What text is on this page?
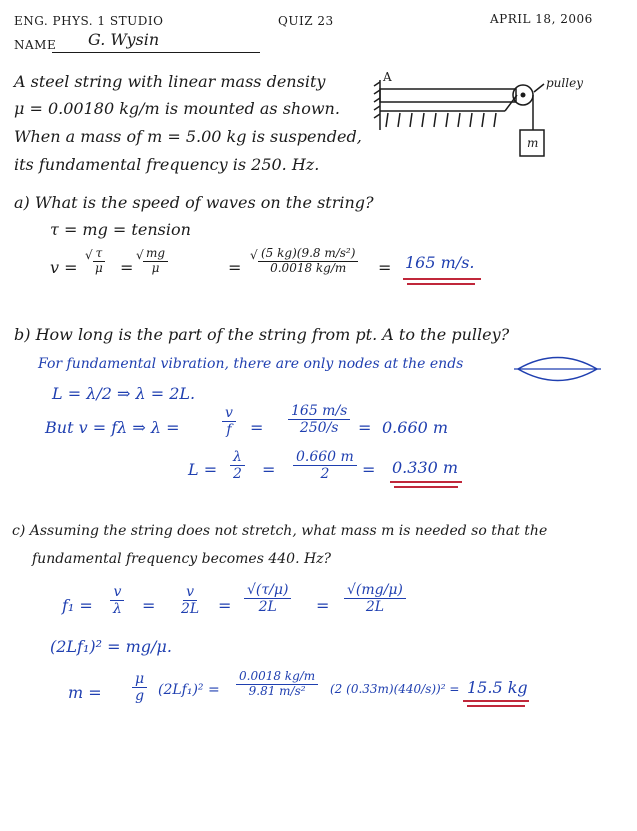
ENG. PHYS. 1 STUDIO	QUIZ 23	APRIL 18, 2006
NAME G. Wysin
A steel string with linear mass density
μ = 0.00180 kg/m is mounted as shown.
When a mass of m = 5.00 kg is suspended,
its fundamental frequency is 250. Hz.
A	pulley
m
a) What is the speed of waves on the string?
τ = mg = tension
v =
√ $\frac{\tau}{\mu}$ =
√ $\frac{mg}{\mu}$	=
√ $\frac{\text{(5 kg)(9.8 m/s²)}}{0.0018 kg/m} = 165$ m/s.
b) How long is the part of the string from pt. A to the pulley?
For fundamental vibration, there are only nodes at the ends
L = λ/2 ⇒ λ = 2L.
But v = fλ ⇒ λ =	$\frac{v}{f} = \frac{165 m/s}{250/s} = 0.660$ m
$L = \frac{\lambda}{2} = \frac{0.660 m}{2} = 0.330$ m
c) Assuming the string does not stretch, what mass m is needed so that the
fundamental frequency becomes 440. Hz?
$f_1 = \frac{v}{\lambda} = \frac{v}{2L} = \frac{√(\tau/\mu)}{2L} = \frac{√(mg/\mu)}{2L}$
(2Lf₁)² = mg/μ.
$m = \frac{\mu}{g} (2Lf_1)^2 = \frac{0.0018 kg/m}{\text{9.81 m/s²}} (2$ (0.33m)(440/s))² = 15.5 kg
